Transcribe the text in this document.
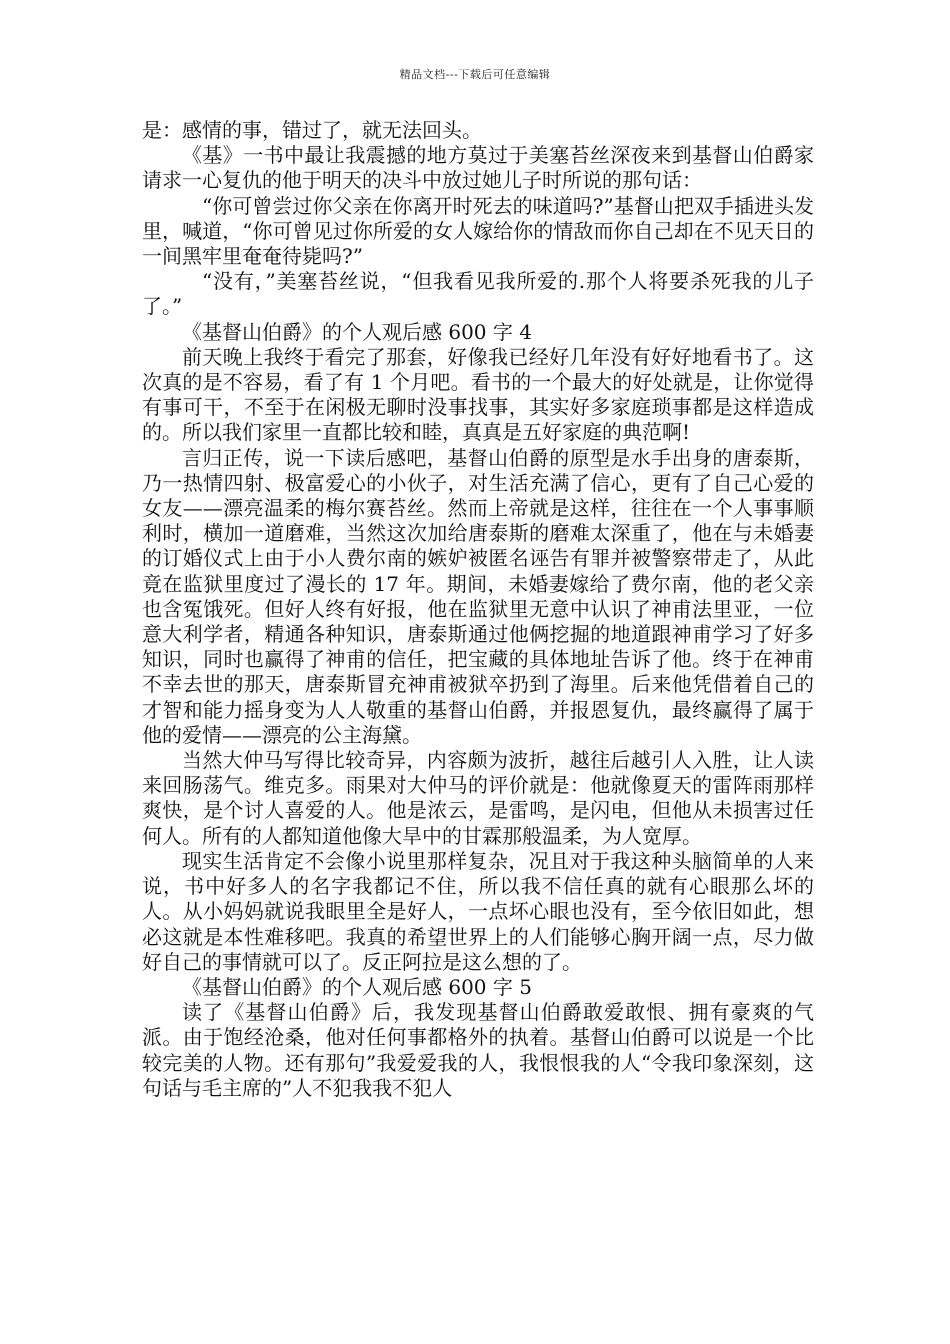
精品文档---下载后可任意编辑

是：感情的事，错过了，就无法回头。

《基》一书中最让我震撼的地方莫过于美塞苔丝深夜来到基督山伯爵家请求一心复仇的他于明天的决斗中放过她儿子时所说的那句话：

“你可曾尝过你父亲在你离开时死去的味道吗?”基督山把双手插进头发里，喊道，“你可曾见过你所爱的女人嫁给你的情敌而你自己却在不见天日的一间黑牢里奄奄待毙吗?”

“没有，”美塞苔丝说，“但我看见我所爱的.那个人将要杀死我的儿子了。”

《基督山伯爵》的个人观后感 600 字 4

前天晚上我终于看完了那套，好像我已经好几年没有好好地看书了。这次真的是不容易，看了有 1 个月吧。看书的一个最大的好处就是，让你觉得有事可干，不至于在闲极无聊时没事找事，其实好多家庭琐事都是这样造成的。所以我们家里一直都比较和睦，真真是五好家庭的典范啊!

言归正传，说一下读后感吧，基督山伯爵的原型是水手出身的唐泰斯，乃一热情四射、极富爱心的小伙子，对生活充满了信心，更有了自己心爱的女友——漂亮温柔的梅尔赛苔丝。然而上帝就是这样，往往在一个人事事顺利时，横加一道磨难，当然这次加给唐泰斯的磨难太深重了，他在与未婚妻的订婚仪式上由于小人费尔南的嫉妒被匿名诬告有罪并被警察带走了，从此竟在监狱里度过了漫长的 17 年。期间，未婚妻嫁给了费尔南，他的老父亲也含冤饿死。但好人终有好报，他在监狱里无意中认识了神甫法里亚，一位意大利学者，精通各种知识，唐泰斯通过他俩挖掘的地道跟神甫学习了好多知识，同时也赢得了神甫的信任，把宝藏的具体地址告诉了他。终于在神甫不幸去世的那天，唐泰斯冒充神甫被狱卒扔到了海里。后来他凭借着自己的才智和能力摇身变为人人敬重的基督山伯爵，并报恩复仇，最终赢得了属于他的爱情——漂亮的公主海黛。

当然大仲马写得比较奇异，内容颇为波折，越往后越引人入胜，让人读来回肠荡气。维克多。雨果对大仲马的评价就是：他就像夏天的雷阵雨那样爽快，是个讨人喜爱的人。他是浓云，是雷鸣，是闪电，但他从未损害过任何人。所有的人都知道他像大旱中的甘霖那般温柔，为人宽厚。

现实生活肯定不会像小说里那样复杂，况且对于我这种头脑简单的人来说，书中好多人的名字我都记不住，所以我不信任真的就有心眼那么坏的人。从小妈妈就说我眼里全是好人，一点坏心眼也没有，至今依旧如此，想必这就是本性难移吧。我真的希望世界上的人们能够心胸开阔一点，尽力做好自己的事情就可以了。反正阿拉是这么想的了。

《基督山伯爵》的个人观后感 600 字 5

读了《基督山伯爵》后，我发现基督山伯爵敢爱敢恨、拥有豪爽的气派。由于饱经沧桑，他对任何事都格外的执着。基督山伯爵可以说是一个比较完美的人物。还有那句”我爱爱我的人，我恨恨我的人“令我印象深刻，这句话与毛主席的”人不犯我我不犯人
